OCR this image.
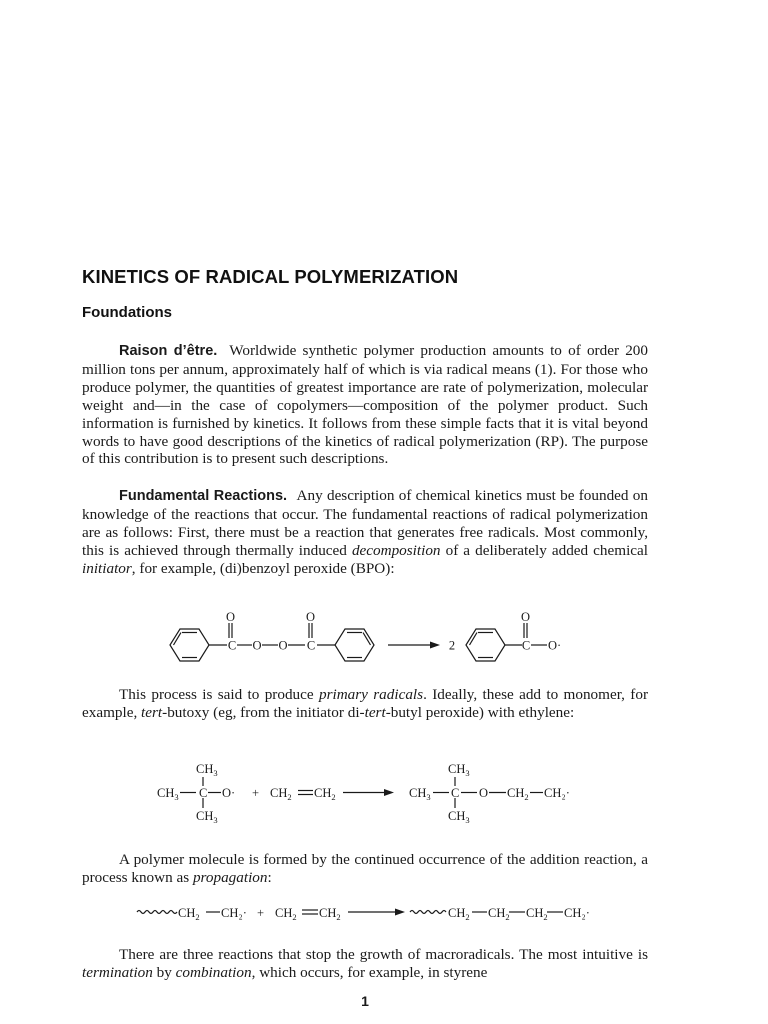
KINETICS OF RADICAL POLYMERIZATION
Foundations
Raison d’être. Worldwide synthetic polymer production amounts to of order 200 million tons per annum, approximately half of which is via radical means (1). For those who produce polymer, the quantities of greatest importance are rate of polymerization, molecular weight and—in the case of copolymers—composition of the polymer product. Such information is furnished by kinetics. It follows from these simple facts that it is vital beyond words to have good descriptions of the kinetics of radical polymerization (RP). The purpose of this contribution is to present such descriptions.
Fundamental Reactions. Any description of chemical kinetics must be founded on knowledge of the reactions that occur. The fundamental reactions of radical polymerization are as follows: First, there must be a reaction that generates free radicals. Most commonly, this is achieved through thermally induced decomposition of a deliberately added chemical initiator, for example, (di)benzoyl peroxide (BPO):
O
C O O
O
C	2
O
C O·
This process is said to produce primary radicals. Ideally, these add to monomer, for example, tert-butoxy (eg, from the initiator di-tert-butyl peroxide) with ethylene:
$CH_3$
$CH_3$ C O·
$CH_3$
+ $CH_2$ $CH_2$
$CH_3$
$CH_3$ C O $CH_2$ CH₂·
$CH_3$
A polymer molecule is formed by the continued occurrence of the addition reaction, a process known as propagation:
$CH_2$ $CH_2\cdot + CH_2$ $CH_2$	$CH_2$ $CH_2$ $CH_2$ CH₂·
There are three reactions that stop the growth of macroradicals. The most intuitive is termination by combination, which occurs, for example, in styrene
1
